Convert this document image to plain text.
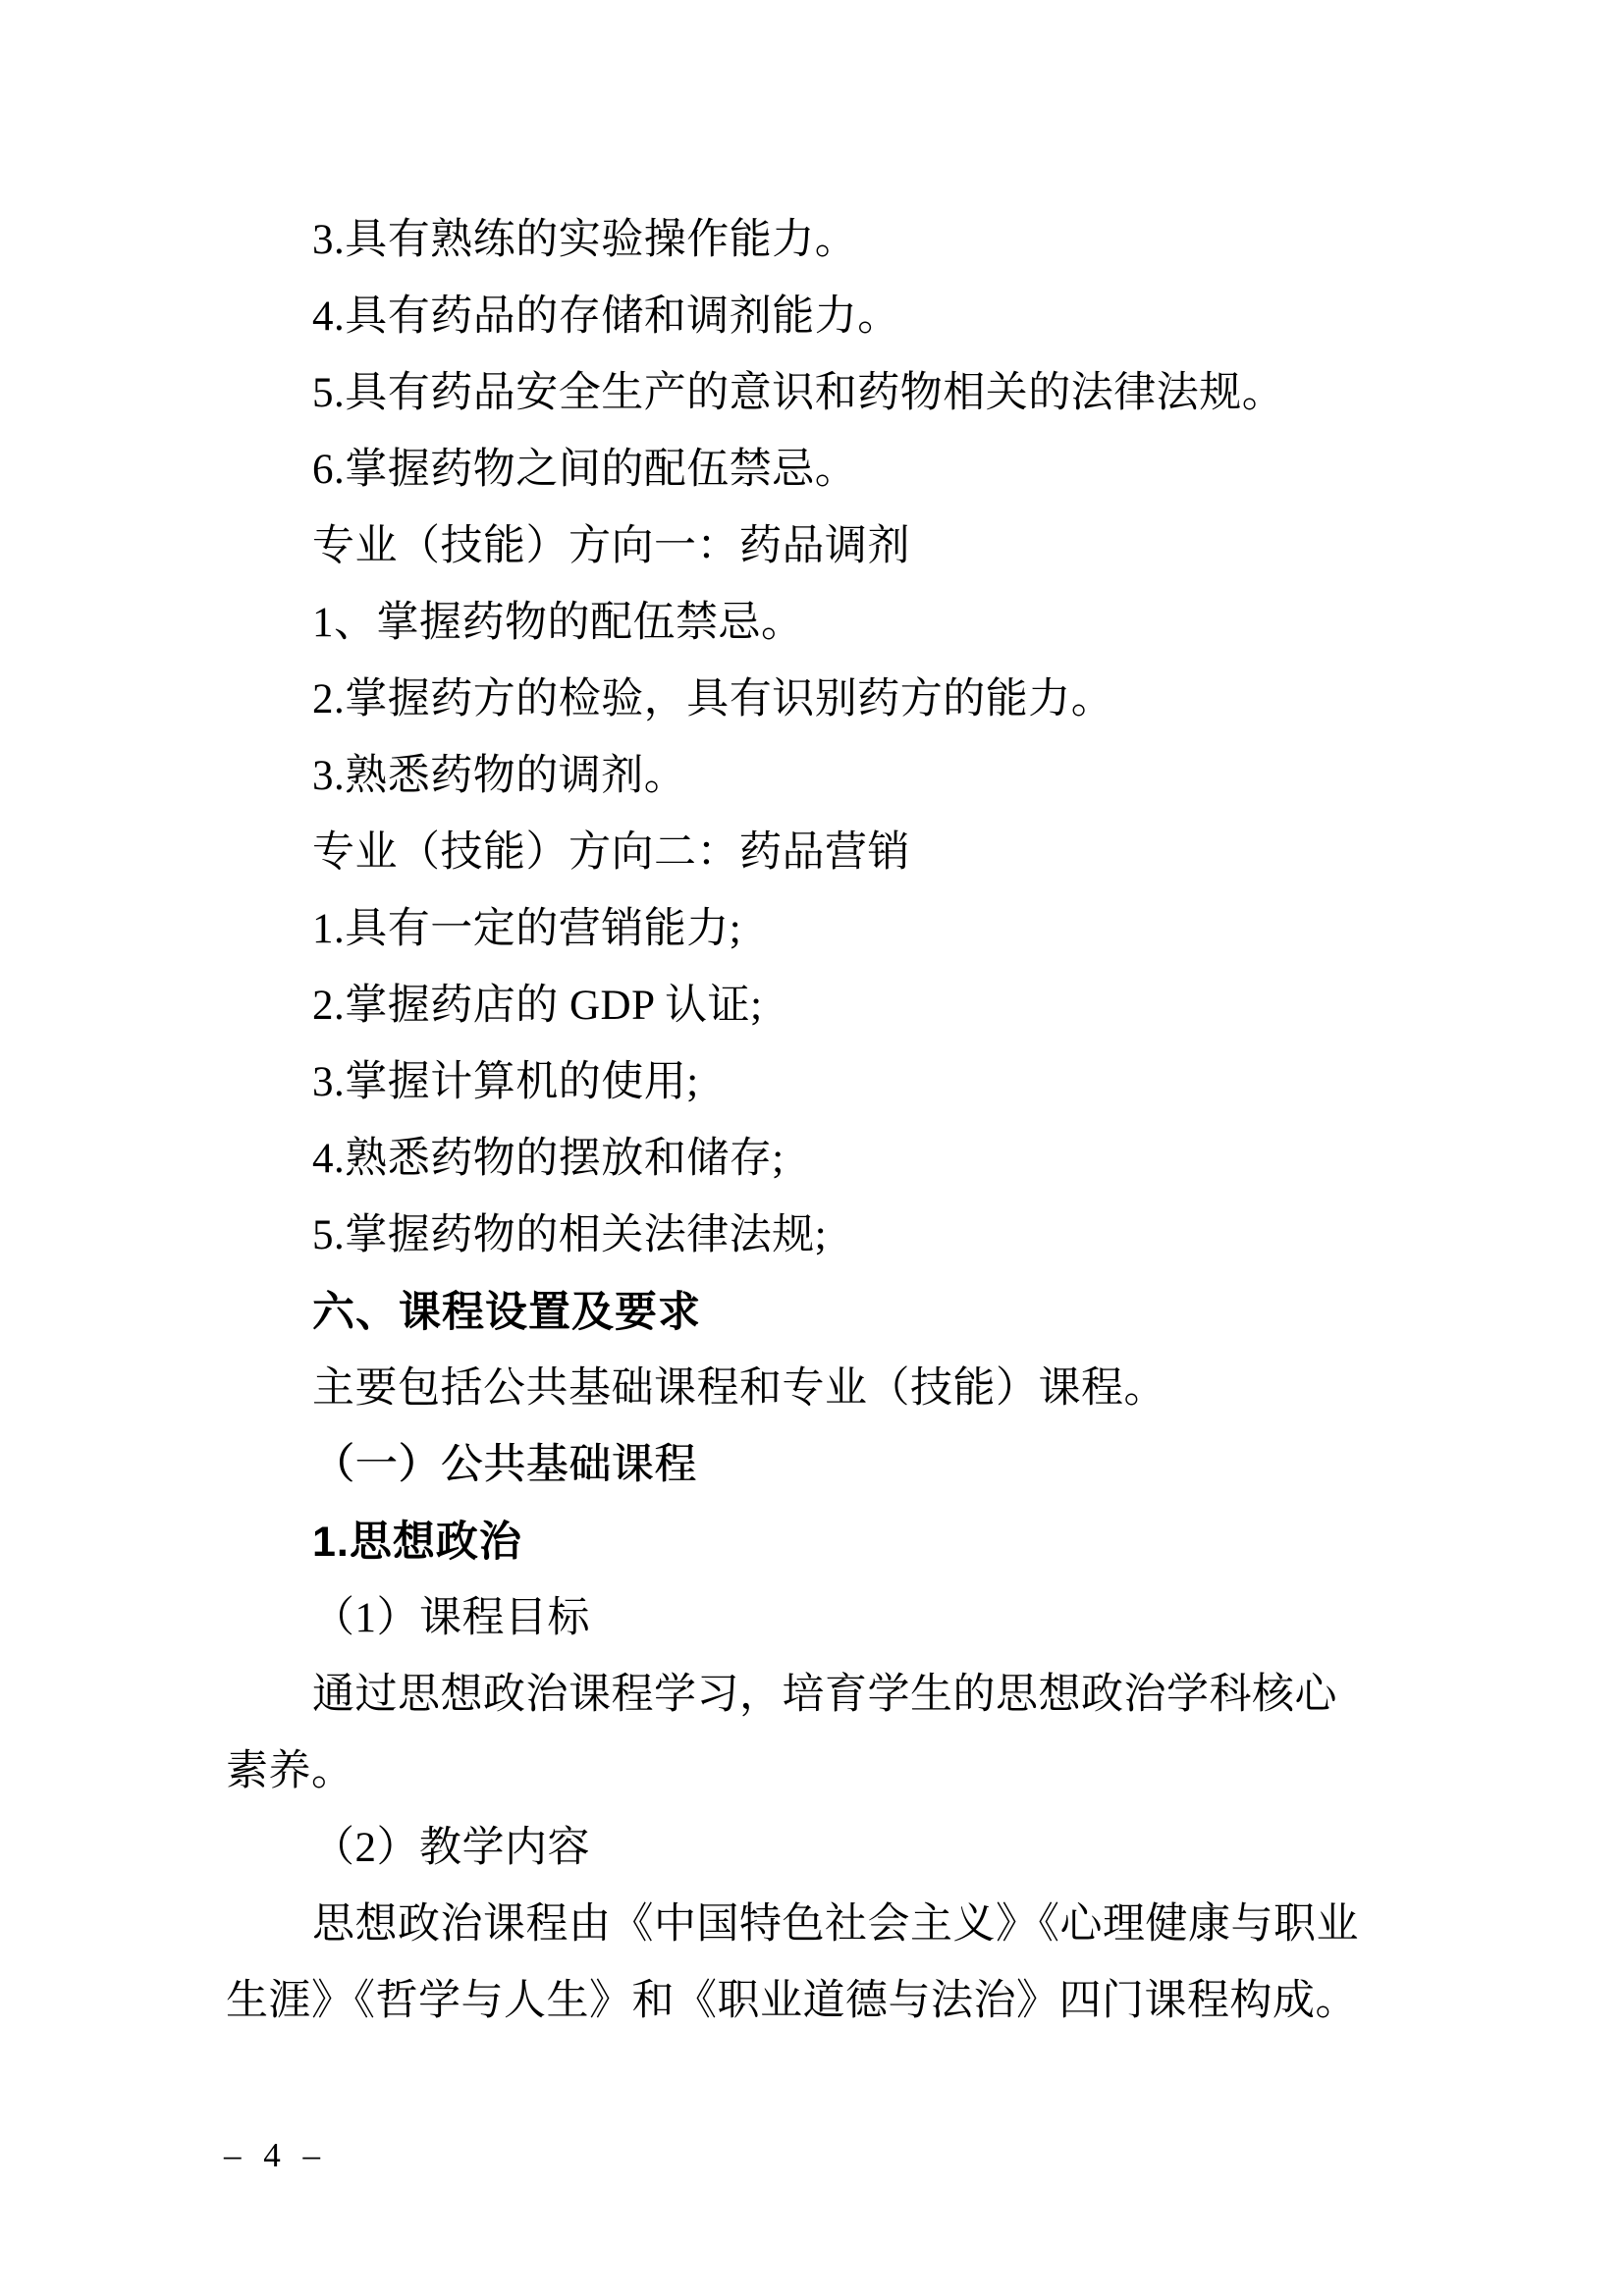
3.具有熟练的实验操作能力。
4.具有药品的存储和调剂能力。
5.具有药品安全生产的意识和药物相关的法律法规。
6.掌握药物之间的配伍禁忌。
专业（技能）方向一：药品调剂
1、掌握药物的配伍禁忌。
2.掌握药方的检验，具有识别药方的能力。
3.熟悉药物的调剂。
专业（技能）方向二：药品营销
1.具有一定的营销能力;
2.掌握药店的 GDP 认证;
3.掌握计算机的使用;
4.熟悉药物的摆放和储存;
5.掌握药物的相关法律法规;
六、课程设置及要求
主要包括公共基础课程和专业（技能）课程。
（一）公共基础课程
1.思想政治
（1）课程目标
通过思想政治课程学习，培育学生的思想政治学科核心
素养。
（2）教学内容
思想政治课程由《中国特色社会主义》《心理健康与职业
生涯》《哲学与人生》和《职业道德与法治》四门课程构成。
– 4 –
